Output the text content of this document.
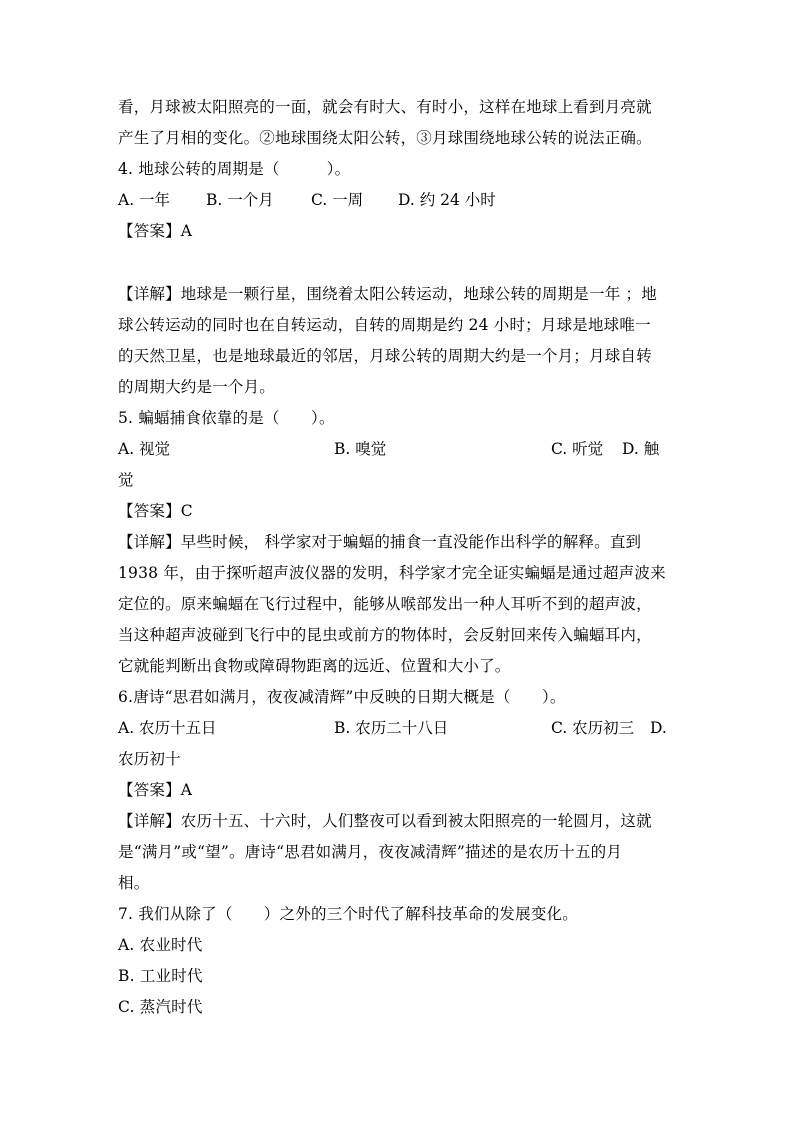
看，月球被太阳照亮的一面，就会有时大、有时小，这样在地球上看到月亮就
产生了月相的变化。②地球围绕太阳公转，③月球围绕地球公转的说法正确。
4. 地球公转的周期是（　　　）。
A. 一年 B. 一个月 C. 一周 D. 约 24 小时
【答案】A
【详解】地球是一颗行星，围绕着太阳公转运动，地球公转的周期是一年 ；地
球公转运动的同时也在自转运动，自转的周期是约 24 小时；月球是地球唯一
的天然卫星，也是地球最近的邻居，月球公转的周期大约是一个月；月球自转
的周期大约是一个月。
5. 蝙蝠捕食依靠的是（　　）。
A. 视觉	B. 嗅觉	C. 听觉 D. 触
觉
【答案】C
【详解】早些时候， 科学家对于蝙蝠的捕食一直没能作出科学的解释。直到
1938 年，由于探听超声波仪器的发明，科学家才完全证实蝙蝠是通过超声波来
定位的。原来蝙蝠在飞行过程中，能够从喉部发出一种人耳听不到的超声波，
当这种超声波碰到飞行中的昆虫或前方的物体时，会反射回来传入蝙蝠耳内，
它就能判断出食物或障碍物距离的远近、位置和大小了。
6.唐诗“思君如满月，夜夜减清辉”中反映的日期大概是（　　）。
A. 农历十五日	B. 农历二十八日	C. 农历初三 D.
农历初十
【答案】A
【详解】农历十五、十六时，人们整夜可以看到被太阳照亮的一轮圆月，这就
是“满月”或“望”。唐诗“思君如满月，夜夜减清辉”描述的是农历十五的月
相。
7. 我们从除了（　　）之外的三个时代了解科技革命的发展变化。
A. 农业时代
B. 工业时代
C. 蒸汽时代
